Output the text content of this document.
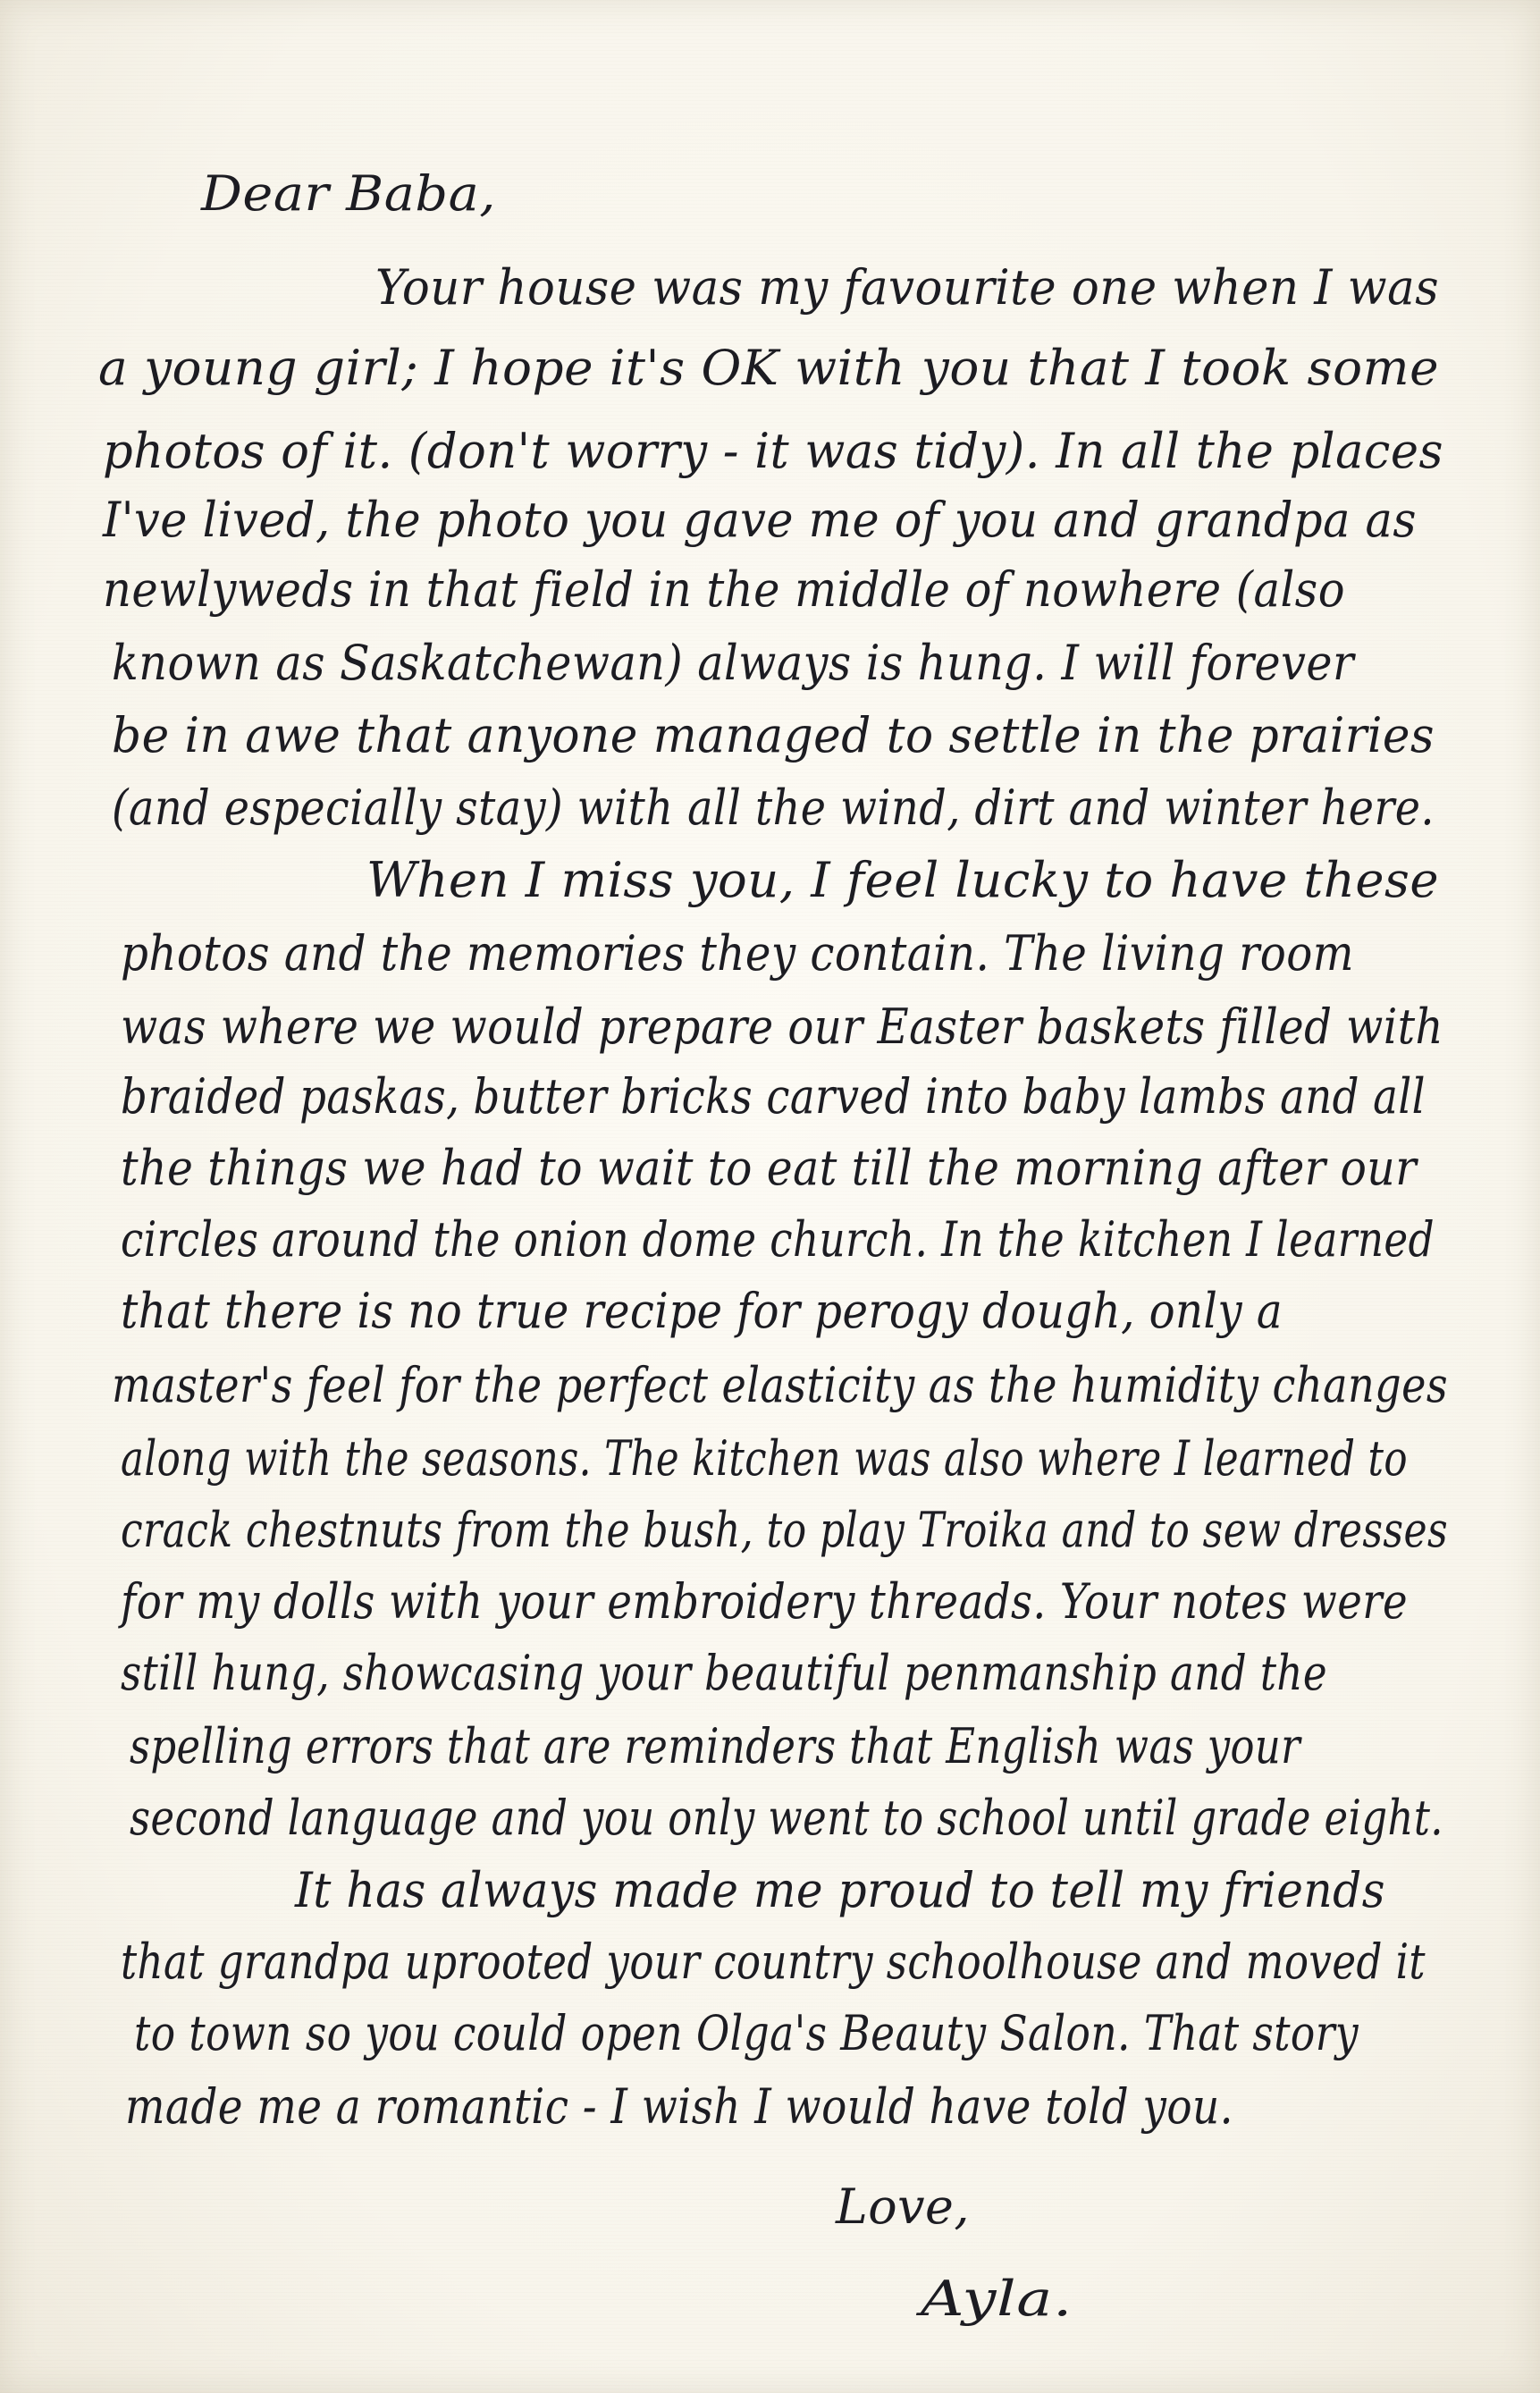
Dear Baba,
Your house was my favourite one when I was
a young girl; I hope it's OK with you that I took some
photos of it. (don't worry - it was tidy). In all the places
I've lived, the photo you gave me of you and grandpa as
newlyweds in that field in the middle of nowhere (also
known as Saskatchewan) always is hung. I will forever
be in awe that anyone managed to settle in the prairies
(and especially stay) with all the wind, dirt and winter here.
When I miss you, I feel lucky to have these
photos and the memories they contain. The living room
was where we would prepare our Easter baskets filled with
braided paskas, butter bricks carved into baby lambs and all
the things we had to wait to eat till the morning after our
circles around the onion dome church. In the kitchen I learned
that there is no true recipe for perogy dough, only a
master's feel for the perfect elasticity as the humidity changes
along with the seasons. The kitchen was also where I learned to
crack chestnuts from the bush, to play Troika and to sew dresses
for my dolls with your embroidery threads. Your notes were
still hung, showcasing your beautiful penmanship and the
spelling errors that are reminders that English was your
second language and you only went to school until grade eight.
It has always made me proud to tell my friends
that grandpa uprooted your country schoolhouse and moved it
to town so you could open Olga's Beauty Salon. That story
made me a romantic - I wish I would have told you.
Love,
Ayla.
